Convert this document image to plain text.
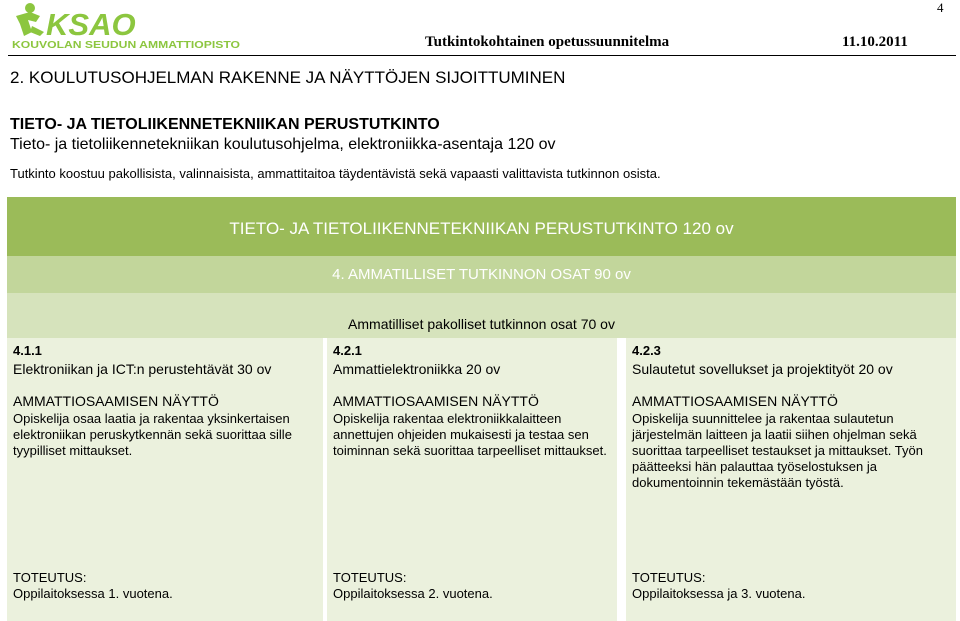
KSAO
KOUVOLAN SEUDUN AMMATTIOPISTO
4
Tutkintokohtainen opetussuunnitelma	11.10.2011
2. KOULUTUSOHJELMAN RAKENNE JA NÄYTTÖJEN SIJOITTUMINEN
TIETO- JA TIETOLIIKENNETEKNIIKAN PERUSTUTKINTO
Tieto- ja tietoliikennetekniikan koulutusohjelma, elektroniikka-asentaja 120 ov
Tutkinto koostuu pakollisista, valinnaisista, ammattitaitoa täydentävistä sekä vapaasti valittavista tutkinnon osista.
TIETO- JA TIETOLIIKENNETEKNIIKAN PERUSTUTKINTO 120 ov
4. AMMATILLISET TUTKINNON OSAT 90 ov
Ammatilliset pakolliset tutkinnon osat 70 ov
4.1.1
Elektroniikan ja ICT:n perustehtävät 30 ov
AMMATTIOSAAMISEN NÄYTTÖ
Opiskelija osaa laatia ja rakentaa yksinkertaisen elektroniikan peruskytkennän sekä suorittaa sille tyypilliset mittaukset.
TOTEUTUS:
Oppilaitoksessa 1. vuotena.
4.2.1
Ammattielektroniikka 20 ov
AMMATTIOSAAMISEN NÄYTTÖ
Opiskelija rakentaa elektroniikkalaitteen annettujen ohjeiden mukaisesti ja testaa sen toiminnan sekä suorittaa tarpeelliset mittaukset.
TOTEUTUS:
Oppilaitoksessa 2. vuotena.
4.2.3
Sulautetut sovellukset ja projektityöt 20 ov
AMMATTIOSAAMISEN NÄYTTÖ
Opiskelija suunnittelee ja rakentaa sulautetun järjestelmän laitteen ja laatii siihen ohjelman sekä suorittaa tarpeelliset testaukset ja mittaukset. Työn päätteeksi hän palauttaa työselostuksen ja dokumentoinnin tekemästään työstä.
TOTEUTUS:
Oppilaitoksessa ja 3. vuotena.
